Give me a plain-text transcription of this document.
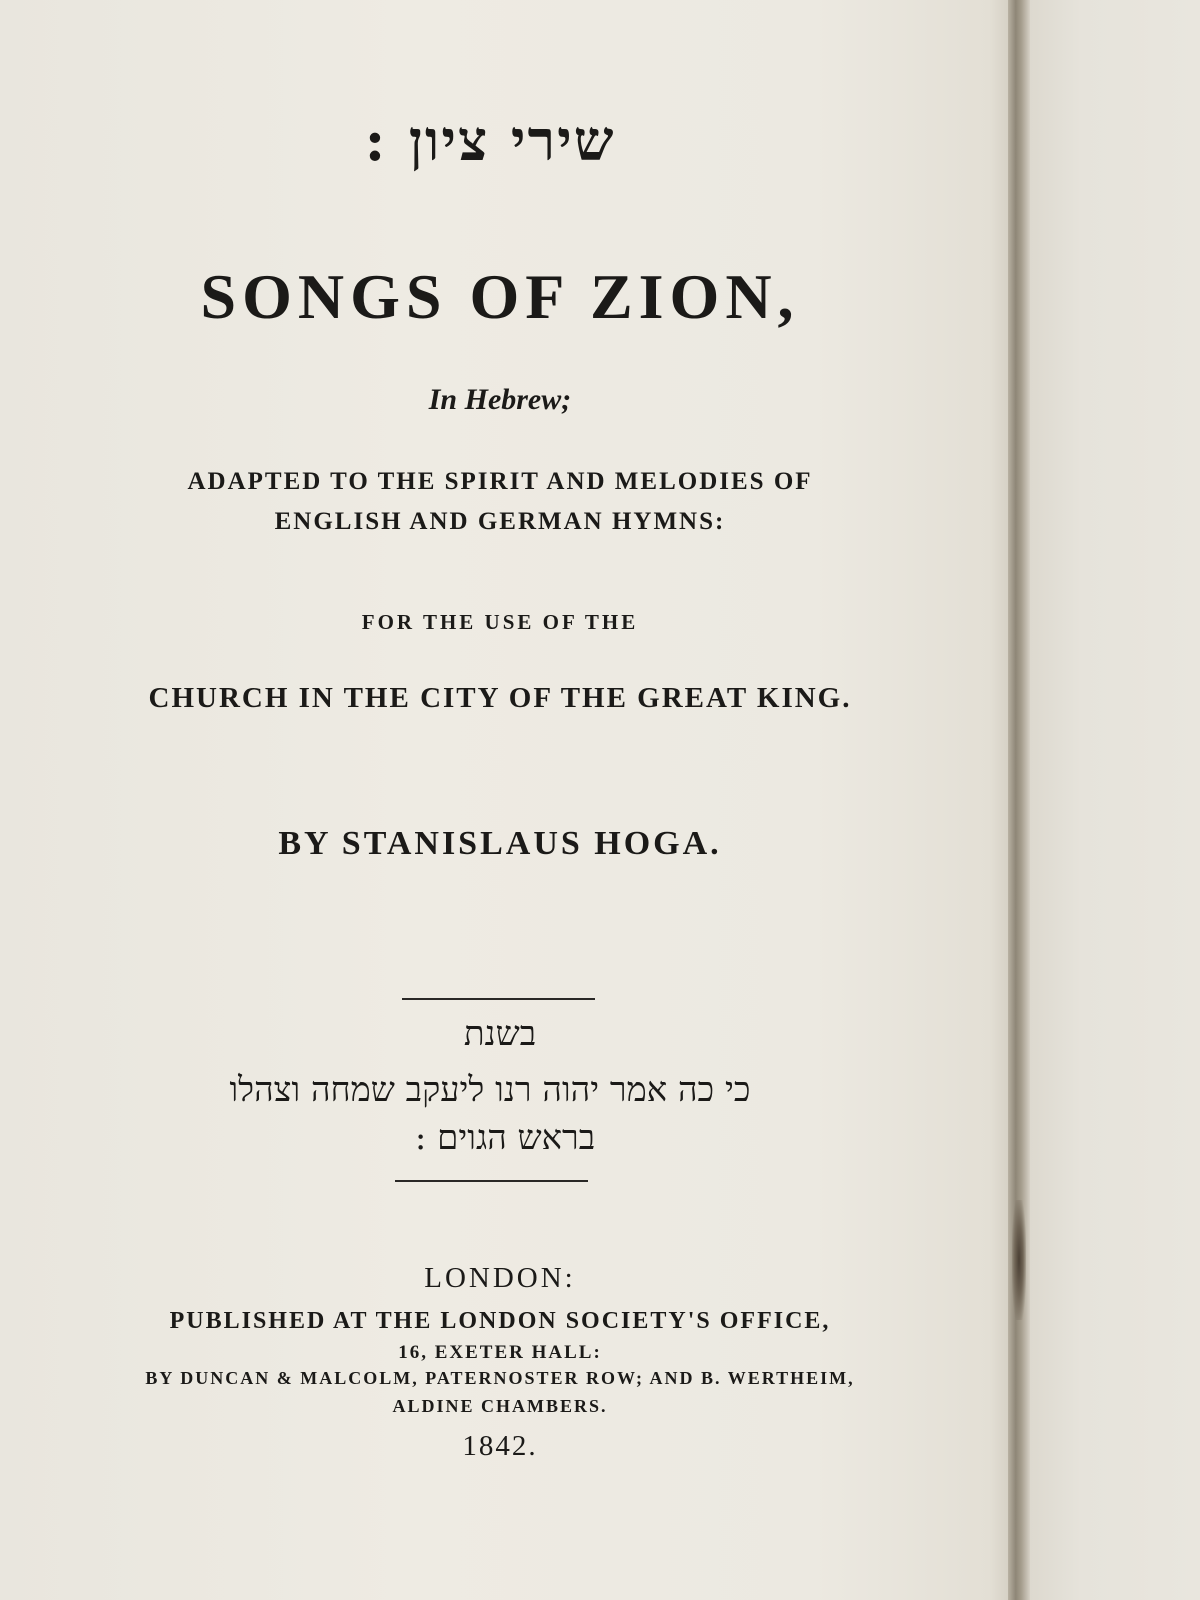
שירי ציון :
SONGS OF ZION,
In Hebrew;
ADAPTED TO THE SPIRIT AND MELODIES OF
ENGLISH AND GERMAN HYMNS:
FOR THE USE OF THE
CHURCH IN THE CITY OF THE GREAT KING.
BY STANISLAUS HOGA.
בשנת
כי כה אמר יהוה רנו ליעקב שמחה וצהלו
בראש הגוים :
LONDON:
PUBLISHED AT THE LONDON SOCIETY'S OFFICE,
16, EXETER HALL:
BY DUNCAN & MALCOLM, PATERNOSTER ROW; AND B. WERTHEIM,
ALDINE CHAMBERS.
1842.
